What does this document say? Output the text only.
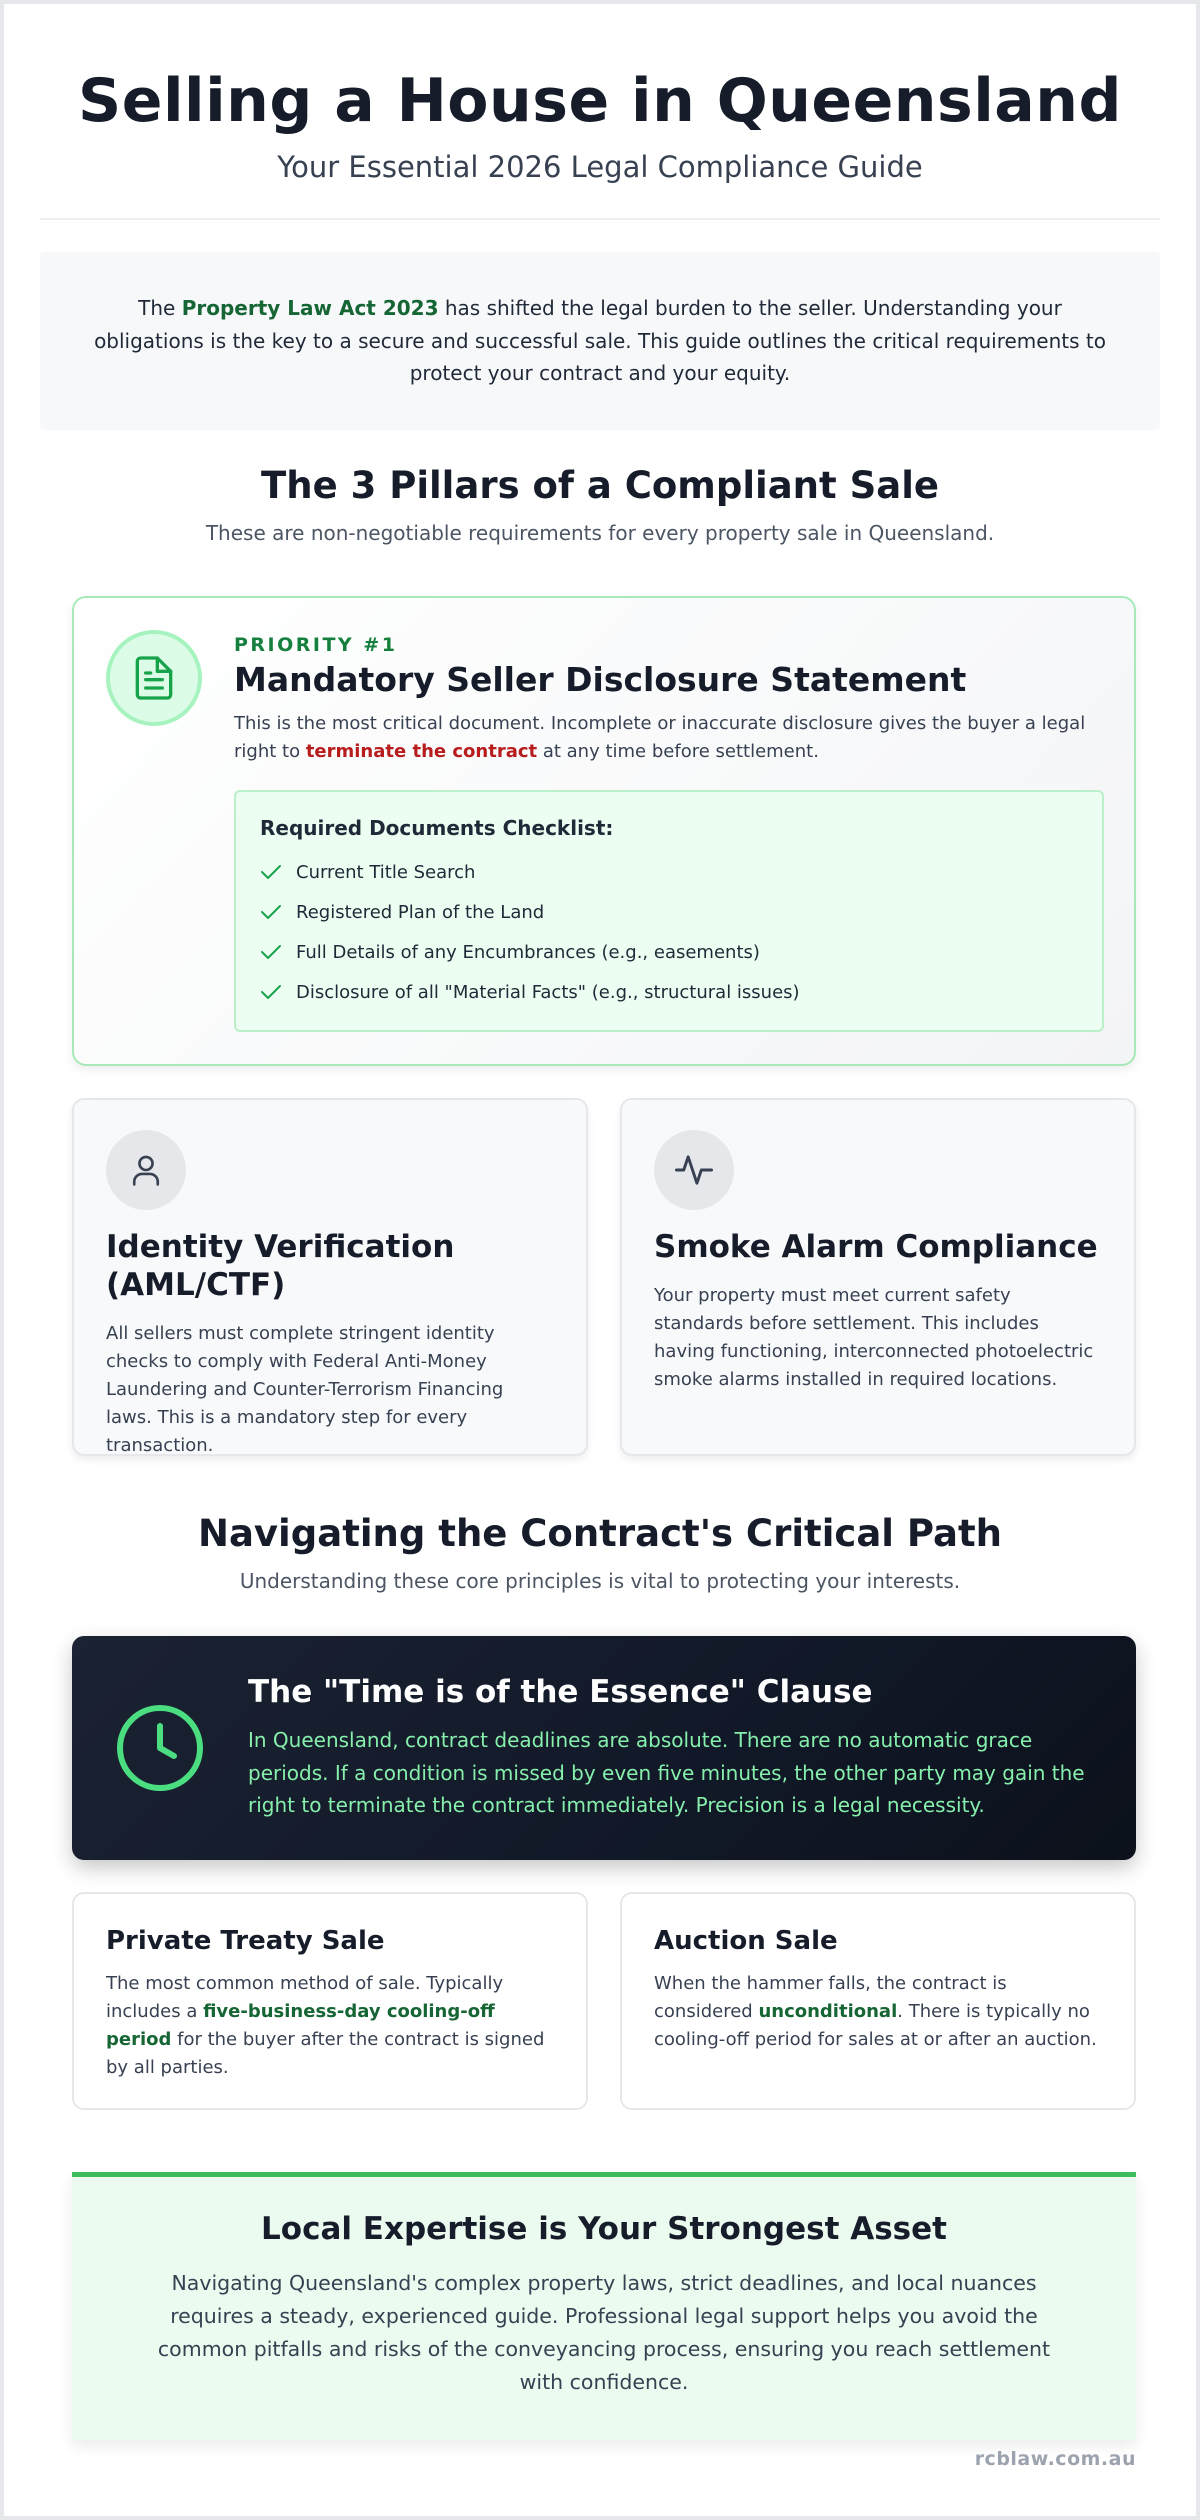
Selling a House in Queensland
Your Essential 2026 Legal Compliance Guide
The Property Law Act 2023 has shifted the legal burden to the seller. Understanding your obligations is the key to a secure and successful sale. This guide outlines the critical requirements to protect your contract and your equity.
The 3 Pillars of a Compliant Sale
These are non-negotiable requirements for every property sale in Queensland.
PRIORITY #1
Mandatory Seller Disclosure Statement
This is the most critical document. Incomplete or inaccurate disclosure gives the buyer a legal right to terminate the contract at any time before settlement.
Required Documents Checklist:
Current Title Search
Registered Plan of the Land
Full Details of any Encumbrances (e.g., easements)
Disclosure of all "Material Facts" (e.g., structural issues)
Identity Verification (AML/CTF)
All sellers must complete stringent identity checks to comply with Federal Anti-Money Laundering and Counter-Terrorism Financing laws. This is a mandatory step for every transaction.
Smoke Alarm Compliance
Your property must meet current safety standards before settlement. This includes having functioning, interconnected photoelectric smoke alarms installed in required locations.
Navigating the Contract's Critical Path
Understanding these core principles is vital to protecting your interests.
The "Time is of the Essence" Clause
In Queensland, contract deadlines are absolute. There are no automatic grace periods. If a condition is missed by even five minutes, the other party may gain the right to terminate the contract immediately. Precision is a legal necessity.
Private Treaty Sale
The most common method of sale. Typically includes a five-business-day cooling-off period for the buyer after the contract is signed by all parties.
Auction Sale
When the hammer falls, the contract is considered unconditional. There is typically no cooling-off period for sales at or after an auction.
Local Expertise is Your Strongest Asset
Navigating Queensland's complex property laws, strict deadlines, and local nuances requires a steady, experienced guide. Professional legal support helps you avoid the common pitfalls and risks of the conveyancing process, ensuring you reach settlement with confidence.
rcblaw.com.au
